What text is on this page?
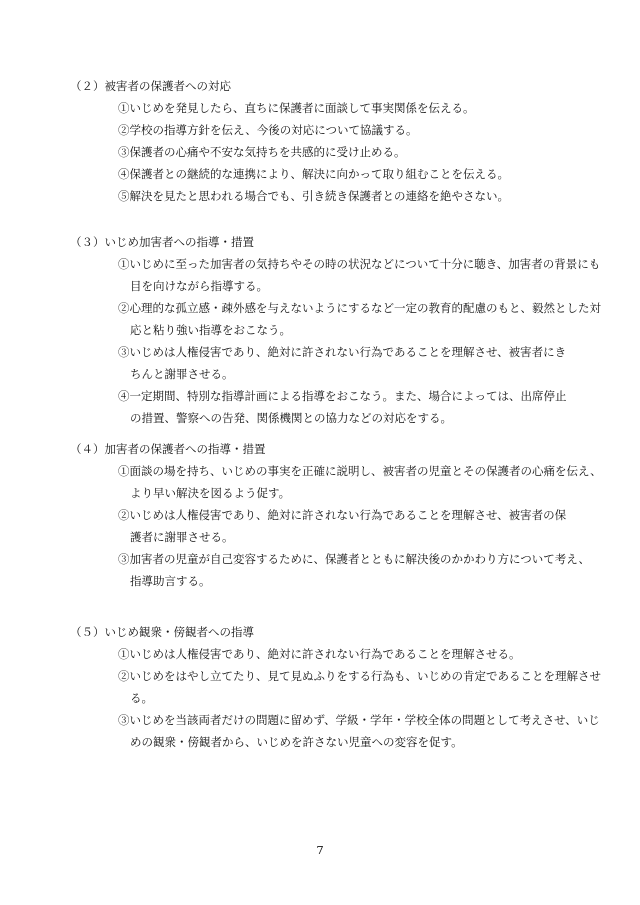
（２）被害者の保護者への対応
①いじめを発見したら、直ちに保護者に面談して事実関係を伝える。
②学校の指導方針を伝え、今後の対応について協議する。
③保護者の心痛や不安な気持ちを共感的に受け止める。
④保護者との継続的な連携により、解決に向かって取り組むことを伝える。
⑤解決を見たと思われる場合でも、引き続き保護者との連絡を絶やさない。
（３）いじめ加害者への指導・措置
①いじめに至った加害者の気持ちやその時の状況などについて十分に聴き、加害者の背景にも
目を向けながら指導する。
②心理的な孤立感・疎外感を与えないようにするなど一定の教育的配慮のもと、毅然とした対
応と粘り強い指導をおこなう。
③いじめは人権侵害であり、絶対に許されない行為であることを理解させ、被害者にき
ちんと謝罪させる。
④一定期間、特別な指導計画による指導をおこなう。また、場合によっては、出席停止
の措置、警察への告発、関係機関との協力などの対応をする。
（４）加害者の保護者への指導・措置
①面談の場を持ち、いじめの事実を正確に説明し、被害者の児童とその保護者の心痛を伝え、
より早い解決を図るよう促す。
②いじめは人権侵害であり、絶対に許されない行為であることを理解させ、被害者の保
護者に謝罪させる。
③加害者の児童が自己変容するために、保護者とともに解決後のかかわり方について考え、
指導助言する。
（５）いじめ観衆・傍観者への指導
①いじめは人権侵害であり、絶対に許されない行為であることを理解させる。
②いじめをはやし立てたり、見て見ぬふりをする行為も、いじめの肯定であることを理解させ
る。
③いじめを当該両者だけの問題に留めず、学級・学年・学校全体の問題として考えさせ、いじ
めの観衆・傍観者から、いじめを許さない児童への変容を促す。
7
